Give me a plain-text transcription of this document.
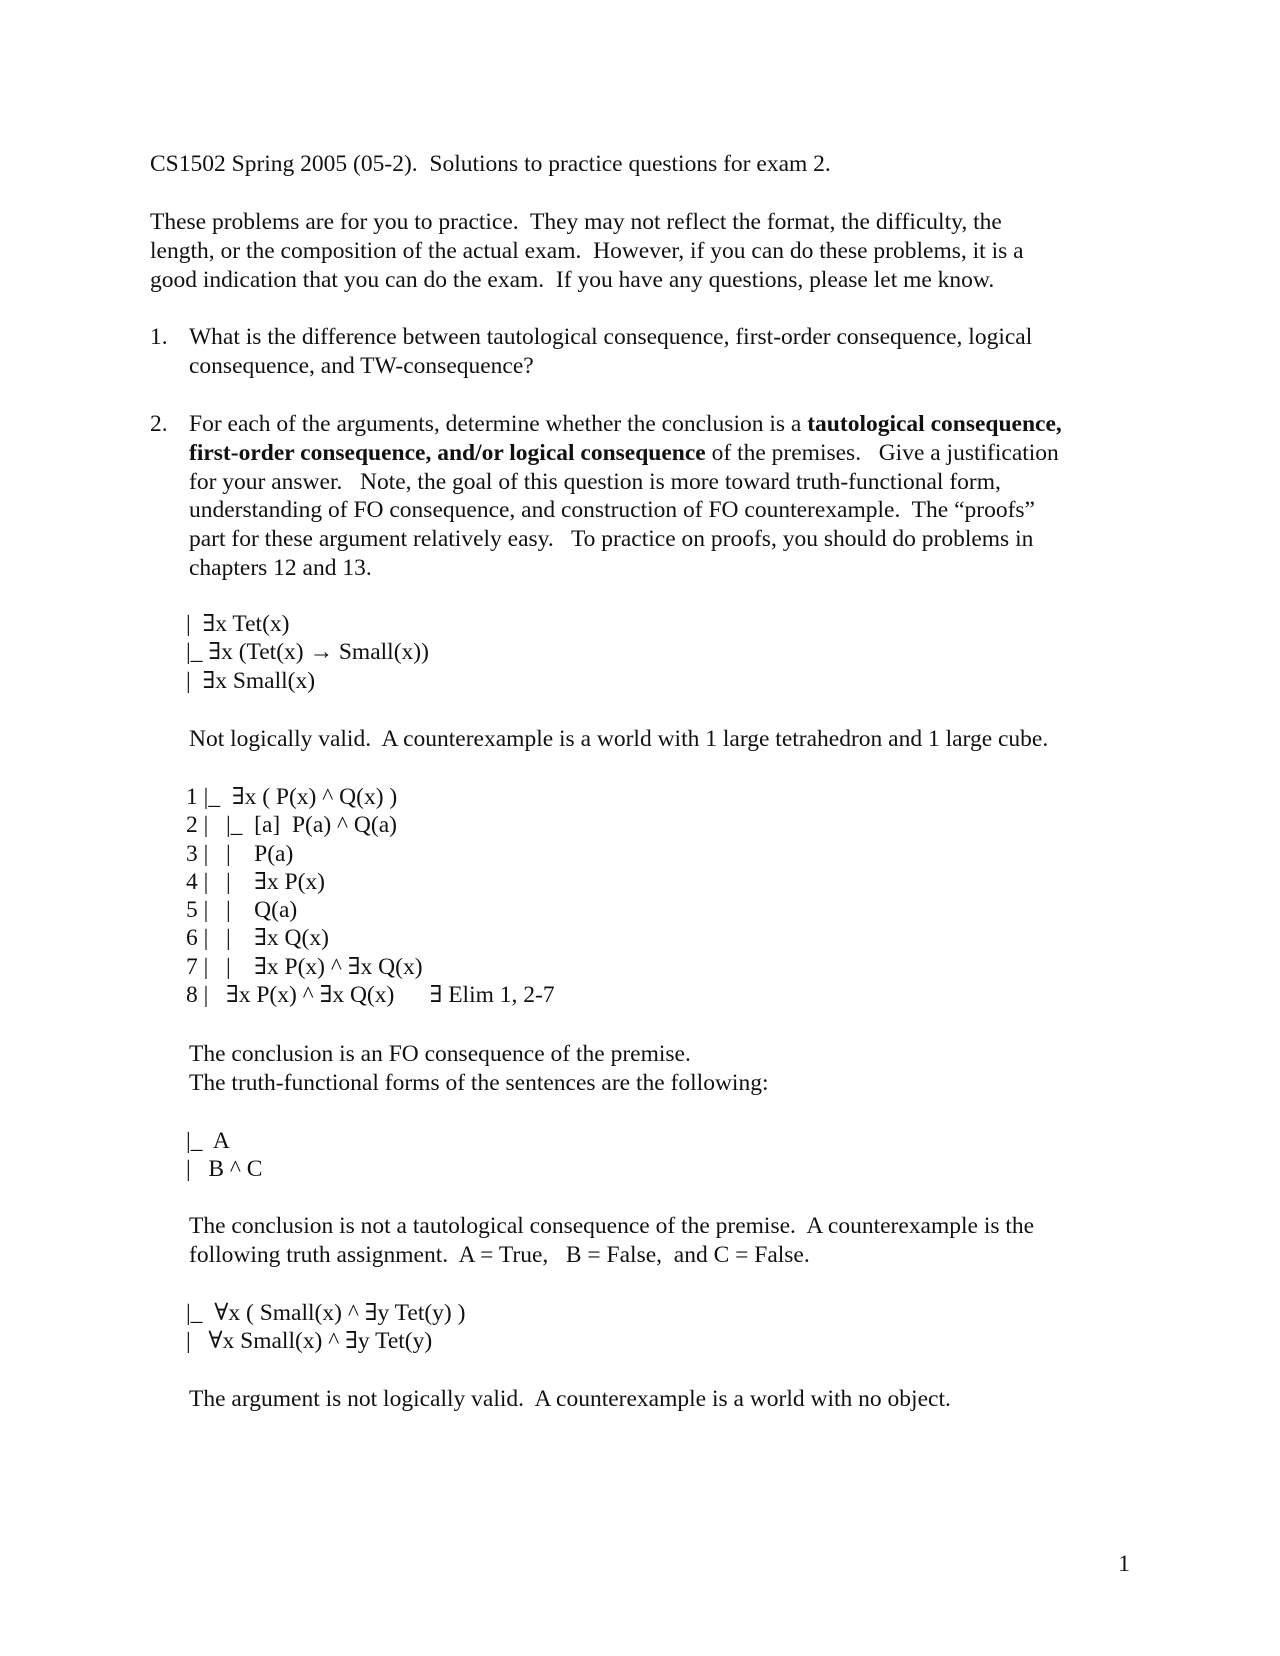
CS1502 Spring 2005 (05-2).  Solutions to practice questions for exam 2.
These problems are for you to practice.  They may not reflect the format, the difficulty, the
length, or the composition of the actual exam.  However, if you can do these problems, it is a
good indication that you can do the exam.  If you have any questions, please let me know.
1. What is the difference between tautological consequence, first-order consequence, logical
consequence, and TW-consequence?
2. For each of the arguments, determine whether the conclusion is a tautological consequence,
first-order consequence, and/or logical consequence of the premises.   Give a justification
for your answer.   Note, the goal of this question is more toward truth-functional form,
understanding of FO consequence, and construction of FO counterexample.  The “proofs”
part for these argument relatively easy.   To practice on proofs, you should do problems in
chapters 12 and 13.
|  ∃x Tet(x)
|_ ∃x (Tet(x) → Small(x))
|  ∃x Small(x)
Not logically valid.  A counterexample is a world with 1 large tetrahedron and 1 large cube.
1 |_  ∃x ( P(x) ^ Q(x) )
2 |   |_  [a]  P(a) ^ Q(a)
3 |   |    P(a)
4 |   |    ∃x P(x)
5 |   |    Q(a)
6 |   |    ∃x Q(x)
7 |   |    ∃x P(x) ^ ∃x Q(x)
8 |   ∃x P(x) ^ ∃x Q(x)      ∃ Elim 1, 2-7
The conclusion is an FO consequence of the premise.
The truth-functional forms of the sentences are the following:
|_  A
|   B ^ C
The conclusion is not a tautological consequence of the premise.  A counterexample is the
following truth assignment.  A = True,   B = False,  and C = False.
|_  ∀x ( Small(x) ^ ∃y Tet(y) )
|   ∀x Small(x) ^ ∃y Tet(y)
The argument is not logically valid.  A counterexample is a world with no object.
1
